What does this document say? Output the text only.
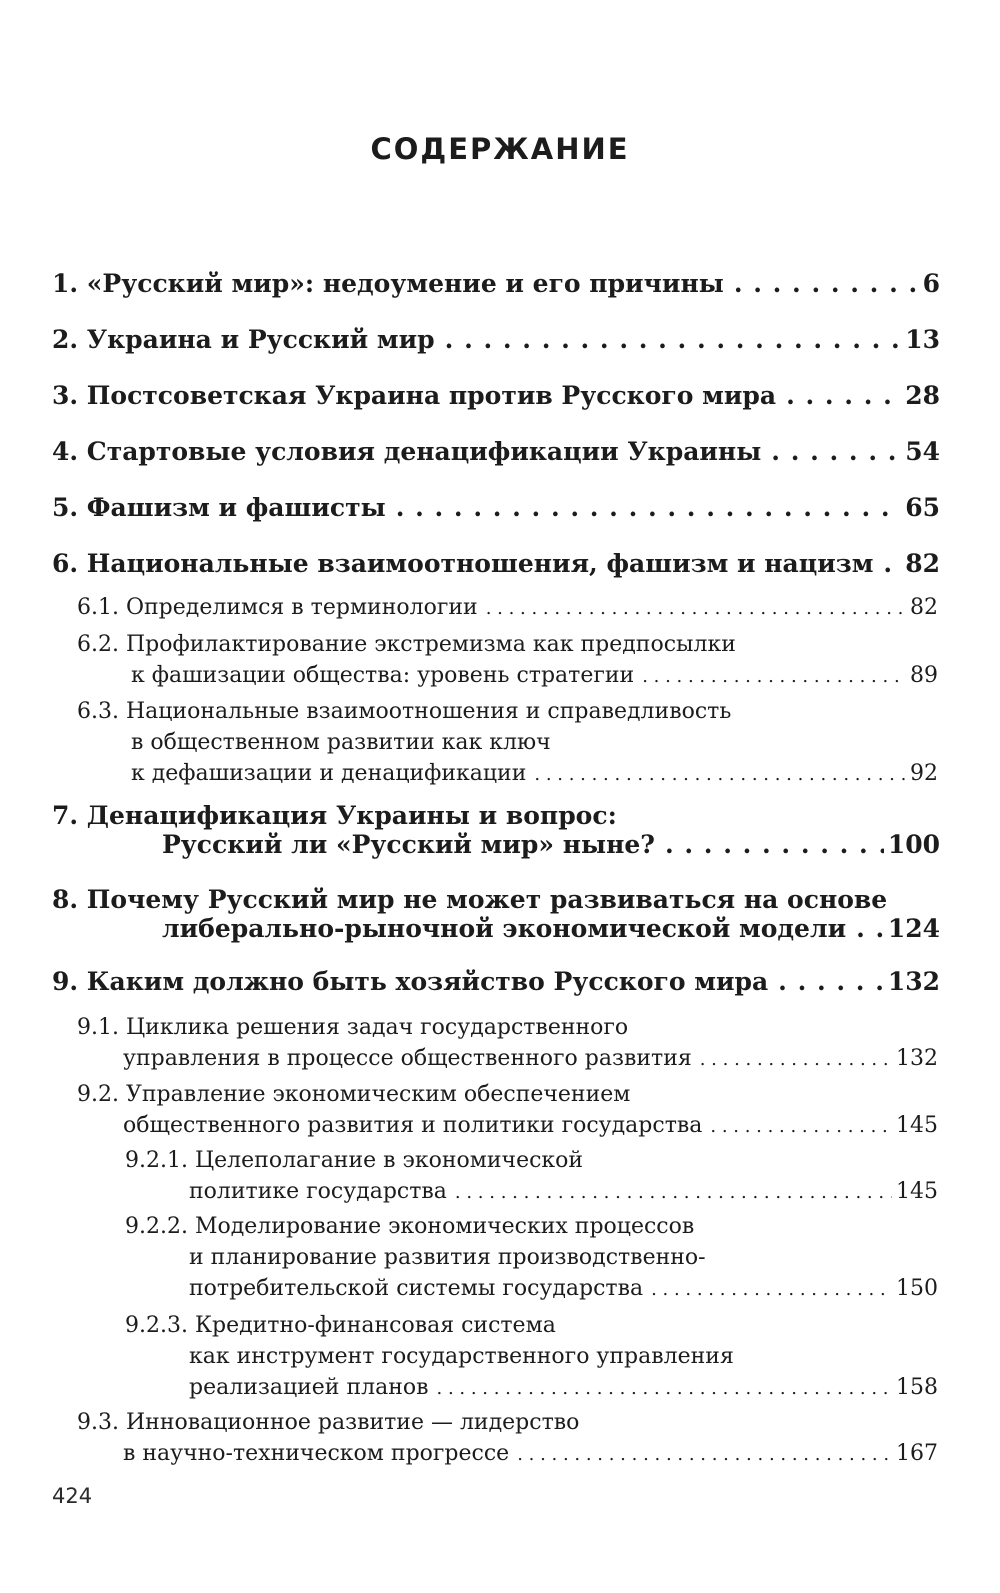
СОДЕРЖАНИЕ
1. «Русский мир»: недоумение и его причины . . .	6
2. Украина и Русский мир . . .	13
3. Постсоветская Украина против Русского мира . . .	28
4. Стартовые условия денацификации Украины . . .	54
5. Фашизм и фашисты . . .	65
6. Национальные взаимоотношения, фашизм и нацизм . . . 82
6.1. Определимся в терминологии . . .	82
6.2. Профилактирование экстремизма как предпосылки
к фашизации общества: уровень стратегии . . .	89
6.3. Национальные взаимоотношения и справедливость
в общественном развитии как ключ
к дефашизации и денацификации . . .	92
7. Денацификация Украины и вопрос:
Русский ли «Русский мир» ныне? . . .	100
8. Почему Русский мир не может развиваться на основе
либерально-рыночной экономической модели . . . 124
9. Каким должно быть хозяйство Русского мира . . .	132
9.1. Циклика решения задач государственного
управления в процессе общественного развития . . .	132
9.2. Управление экономическим обеспечением
общественного развития и политики государства . . .	145
9.2.1. Целеполагание в экономической
политике государства . . .	145
9.2.2. Моделирование экономических процессов
и планирование развития производственно-
потребительской системы государства . . .	150
9.2.3. Кредитно-финансовая система
как инструмент государственного управления
реализацией планов . . .	158
9.3. Инновационное развитие — лидерство
в научно-техническом прогрессе . . .	167
424
